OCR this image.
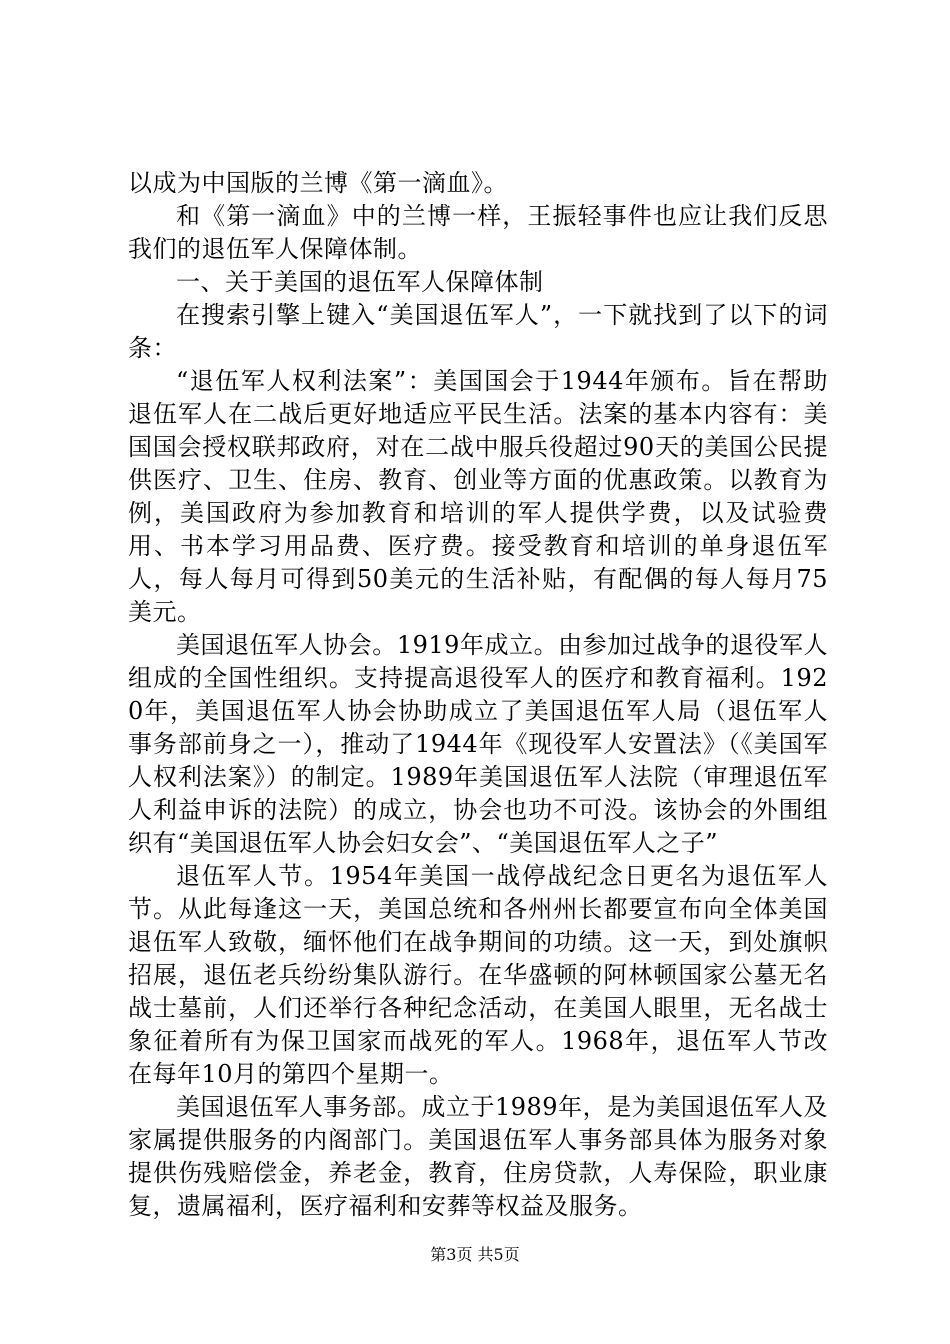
以成为中国版的兰博《第一滴血》。

和《第一滴血》中的兰博一样，王振轻事件也应让我们反思我们的退伍军人保障体制。

一、关于美国的退伍军人保障体制

在搜索引擎上键入“美国退伍军人”，一下就找到了以下的词条：

“退伍军人权利法案”：美国国会于1944年颁布。旨在帮助退伍军人在二战后更好地适应平民生活。法案的基本内容有：美国国会授权联邦政府，对在二战中服兵役超过90天的美国公民提供医疗、卫生、住房、教育、创业等方面的优惠政策。以教育为例，美国政府为参加教育和培训的军人提供学费，以及试验费用、书本学习用品费、医疗费。接受教育和培训的单身退伍军人，每人每月可得到50美元的生活补贴，有配偶的每人每月75美元。

美国退伍军人协会。1919年成立。由参加过战争的退役军人组成的全国性组织。支持提高退役军人的医疗和教育福利。1920年，美国退伍军人协会协助成立了美国退伍军人局（退伍军人事务部前身之一），推动了1944年《现役军人安置法》（《美国军人权利法案》）的制定。1989年美国退伍军人法院（审理退伍军人利益申诉的法院）的成立，协会也功不可没。该协会的外围组织有“美国退伍军人协会妇女会”、“美国退伍军人之子”

退伍军人节。1954年美国一战停战纪念日更名为退伍军人节。从此每逢这一天，美国总统和各州州长都要宣布向全体美国退伍军人致敬，缅怀他们在战争期间的功绩。这一天，到处旗帜招展，退伍老兵纷纷集队游行。在华盛顿的阿林顿国家公墓无名战士墓前，人们还举行各种纪念活动，在美国人眼里，无名战士象征着所有为保卫国家而战死的军人。1968年，退伍军人节改在每年10月的第四个星期一。

美国退伍军人事务部。成立于1989年，是为美国退伍军人及家属提供服务的内阁部门。美国退伍军人事务部具体为服务对象提供伤残赔偿金，养老金，教育，住房贷款，人寿保险，职业康复，遗属福利，医疗福利和安葬等权益及服务。

第3页 共5页
